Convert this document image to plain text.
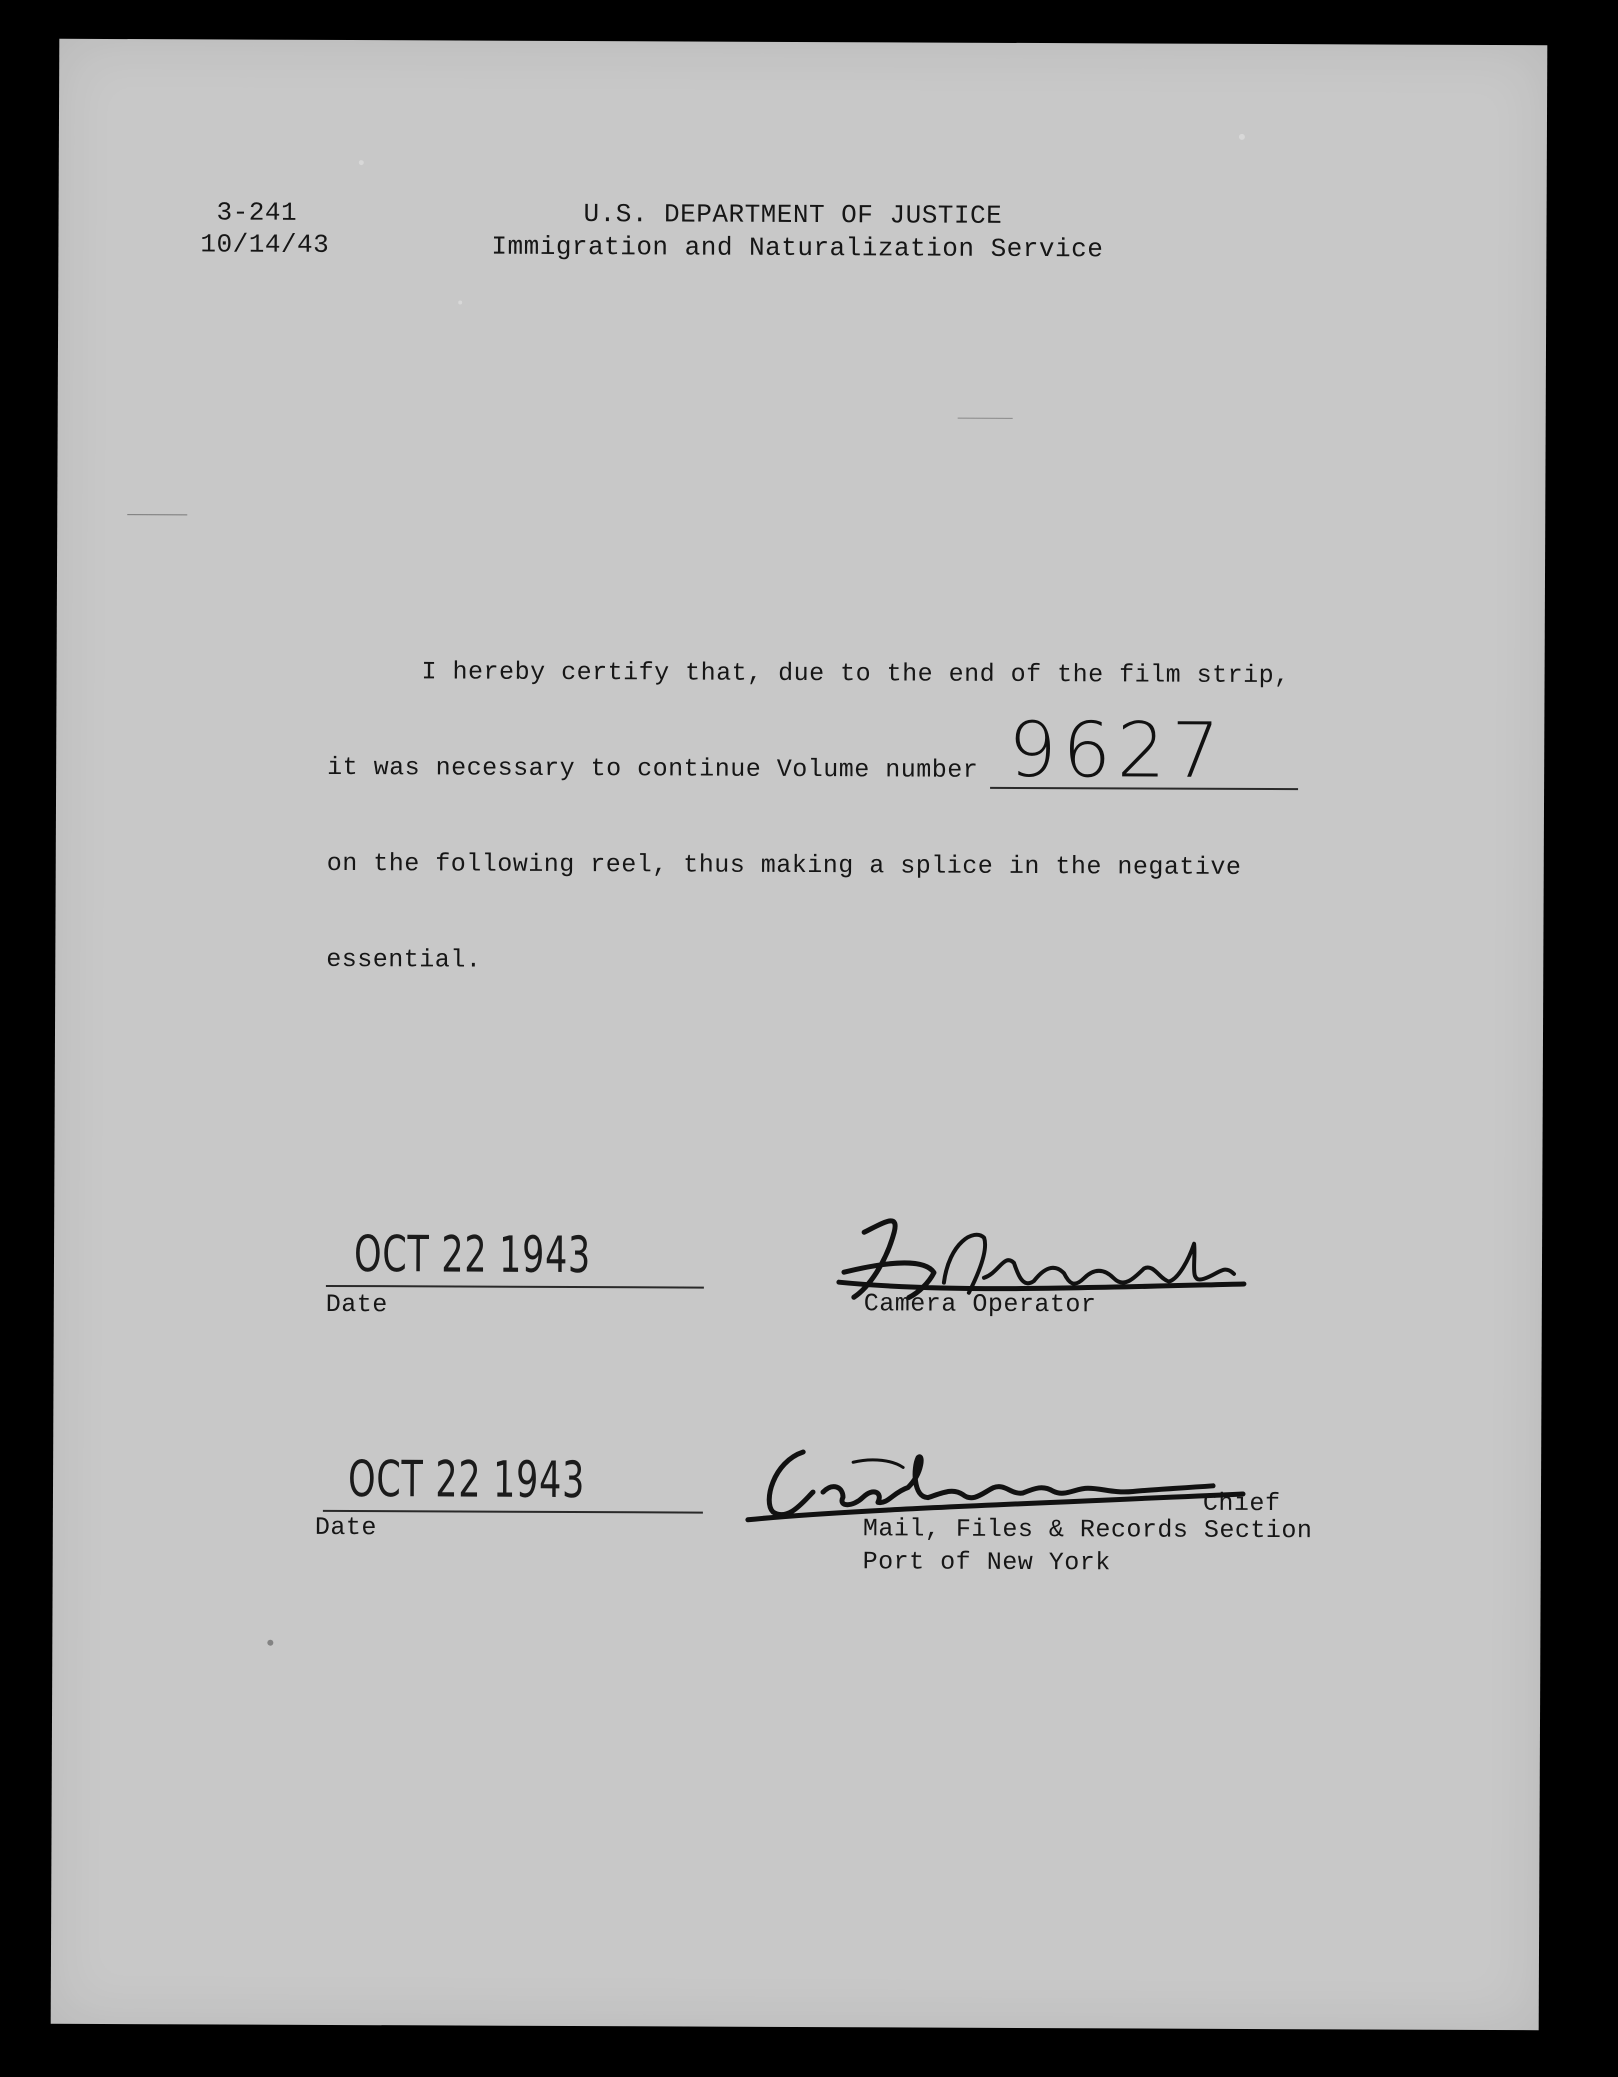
3-241
10/14/43
U.S. DEPARTMENT OF JUSTICE
Immigration and Naturalization Service
I hereby certify that, due to the end of the film strip,
it was necessary to continue Volume number 9627
on the following reel, thus making a splice in the negative
essential.
OCT 22 1943
Date	Camera Operator
OCT 22 1943
Date
Chief
Mail, Files & Records Section
Port of New York
